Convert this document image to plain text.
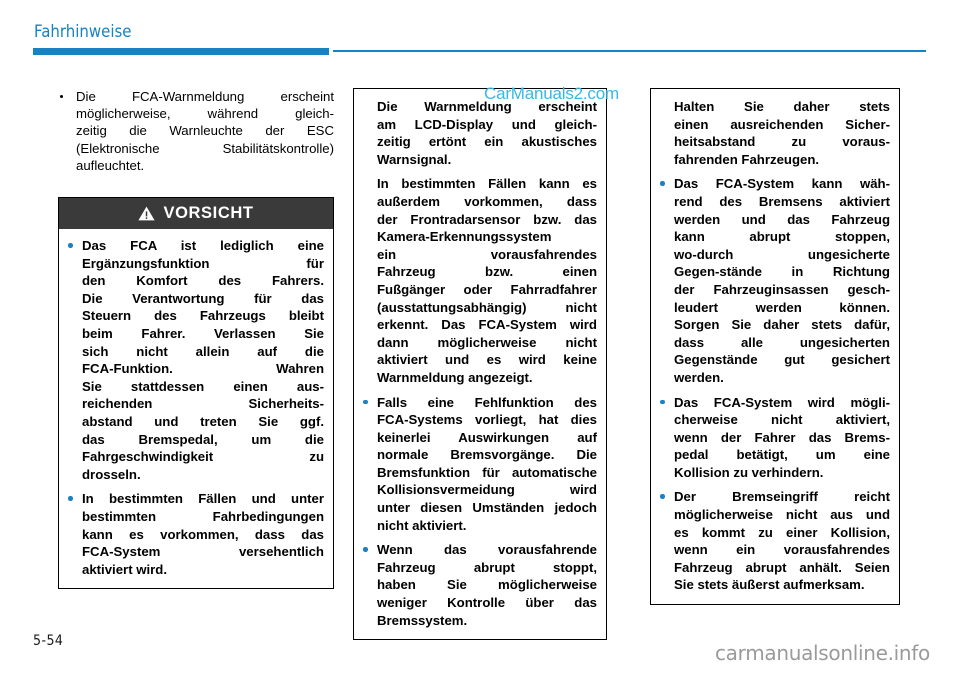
Fahrhinweise
Die FCA-Warnmeldung erscheint
möglicherweise, während gleich-
zeitig die Warnleuchte der ESC
(Elektronische Stabilitätskontrolle)
aufleuchtet.
VORSICHT
Das FCA ist lediglich eine
Ergänzungsfunktion für
den Komfort des Fahrers.
Die Verantwortung für das
Steuern des Fahrzeugs bleibt
beim Fahrer. Verlassen Sie
sich nicht allein auf die
FCA-Funktion. Wahren
Sie stattdessen einen aus-
reichenden Sicherheits-
abstand und treten Sie ggf.
das Bremspedal, um die
Fahrgeschwindigkeit zu
drosseln.
In bestimmten Fällen und unter
bestimmten Fahrbedingungen
kann es vorkommen, dass das
FCA-System versehentlich
aktiviert wird.

Die Warnmeldung erscheint
am LCD-Display und gleich-
zeitig ertönt ein akustisches
Warnsignal.

In bestimmten Fällen kann es
außerdem vorkommen, dass
der Frontradarsensor bzw. das
Kamera-Erkennungssystem
ein vorausfahrendes
Fahrzeug bzw. einen
Fußgänger oder Fahrradfahrer
(ausstattungsabhängig) nicht
erkennt. Das FCA-System wird
dann möglicherweise nicht
aktiviert und es wird keine
Warnmeldung angezeigt.

Falls eine Fehlfunktion des
FCA-Systems vorliegt, hat dies
keinerlei Auswirkungen auf
normale Bremsvorgänge. Die
Bremsfunktion für automatische
Kollisionsvermeidung wird
unter diesen Umständen jedoch
nicht aktiviert.
Wenn das vorausfahrende
Fahrzeug abrupt stoppt,
haben Sie möglicherweise
weniger Kontrolle über das
Bremssystem.

Halten Sie daher stets
einen ausreichenden Sicher-
heitsabstand zu voraus-
fahrenden Fahrzeugen.

Das FCA-System kann wäh-
rend des Bremsens aktiviert
werden und das Fahrzeug
kann abrupt stoppen,
wo-durch ungesicherte
Gegen-stände in Richtung
der Fahrzeuginsassen gesch-
leudert werden können.
Sorgen Sie daher stets dafür,
dass alle ungesicherten
Gegenstände gut gesichert
werden.
Das FCA-System wird mögli-
cherweise nicht aktiviert,
wenn der Fahrer das Brems-
pedal betätigt, um eine
Kollision zu verhindern.
Der Bremseingriff reicht
möglicherweise nicht aus und
es kommt zu einer Kollision,
wenn ein vorausfahrendes
Fahrzeug abrupt anhält. Seien
Sie stets äußerst aufmerksam.
CarManuals2.com
5-54	carmanualsonline.info
